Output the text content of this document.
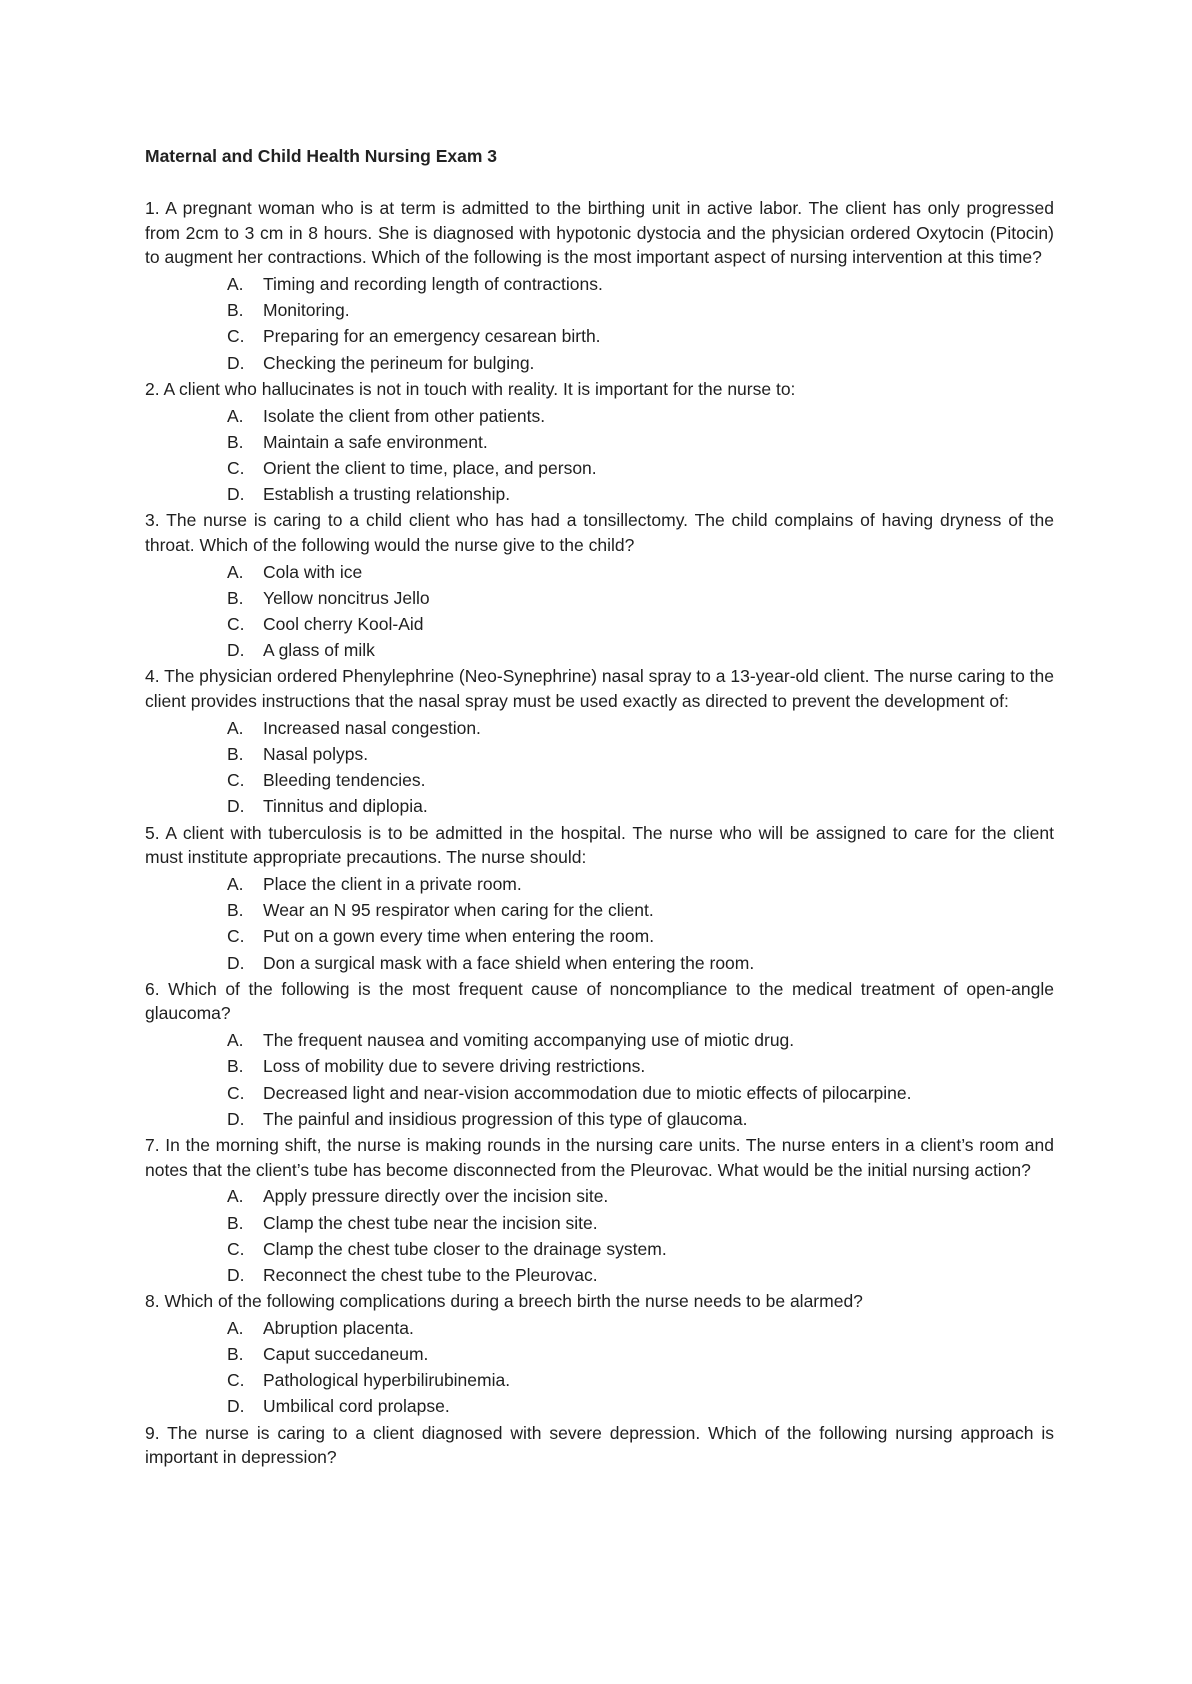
Maternal and Child Health Nursing Exam 3

1. A pregnant woman who is at term is admitted to the birthing unit in active labor. The client has only progressed from 2cm to 3 cm in 8 hours. She is diagnosed with hypotonic dystocia and the physician ordered Oxytocin (Pitocin) to augment her contractions. Which of the following is the most important aspect of nursing intervention at this time?

A. Timing and recording length of contractions.
B. Monitoring.
C. Preparing for an emergency cesarean birth.
D. Checking the perineum for bulging.

2. A client who hallucinates is not in touch with reality. It is important for the nurse to:

A. Isolate the client from other patients.
B. Maintain a safe environment.
C. Orient the client to time, place, and person.
D. Establish a trusting relationship.

3. The nurse is caring to a child client who has had a tonsillectomy. The child complains of having dryness of the throat. Which of the following would the nurse give to the child?

A. Cola with ice
B. Yellow noncitrus Jello
C. Cool cherry Kool-Aid
D. A glass of milk

4. The physician ordered Phenylephrine (Neo-Synephrine) nasal spray to a 13-year-old client. The nurse caring to the client provides instructions that the nasal spray must be used exactly as directed to prevent the development of:

A. Increased nasal congestion.
B. Nasal polyps.
C. Bleeding tendencies.
D. Tinnitus and diplopia.

5. A client with tuberculosis is to be admitted in the hospital. The nurse who will be assigned to care for the client must institute appropriate precautions. The nurse should:

A. Place the client in a private room.
B. Wear an N 95 respirator when caring for the client.
C. Put on a gown every time when entering the room.
D. Don a surgical mask with a face shield when entering the room.

6. Which of the following is the most frequent cause of noncompliance to the medical treatment of open-angle glaucoma?

A. The frequent nausea and vomiting accompanying use of miotic drug.
B. Loss of mobility due to severe driving restrictions.
C. Decreased light and near-vision accommodation due to miotic effects of pilocarpine.
D. The painful and insidious progression of this type of glaucoma.

7. In the morning shift, the nurse is making rounds in the nursing care units. The nurse enters in a client’s room and notes that the client’s tube has become disconnected from the Pleurovac. What would be the initial nursing action?

A. Apply pressure directly over the incision site.
B. Clamp the chest tube near the incision site.
C. Clamp the chest tube closer to the drainage system.
D. Reconnect the chest tube to the Pleurovac.

8. Which of the following complications during a breech birth the nurse needs to be alarmed?

A. Abruption placenta.
B. Caput succedaneum.
C. Pathological hyperbilirubinemia.
D. Umbilical cord prolapse.

9. The nurse is caring to a client diagnosed with severe depression. Which of the following nursing approach is important in depression?
